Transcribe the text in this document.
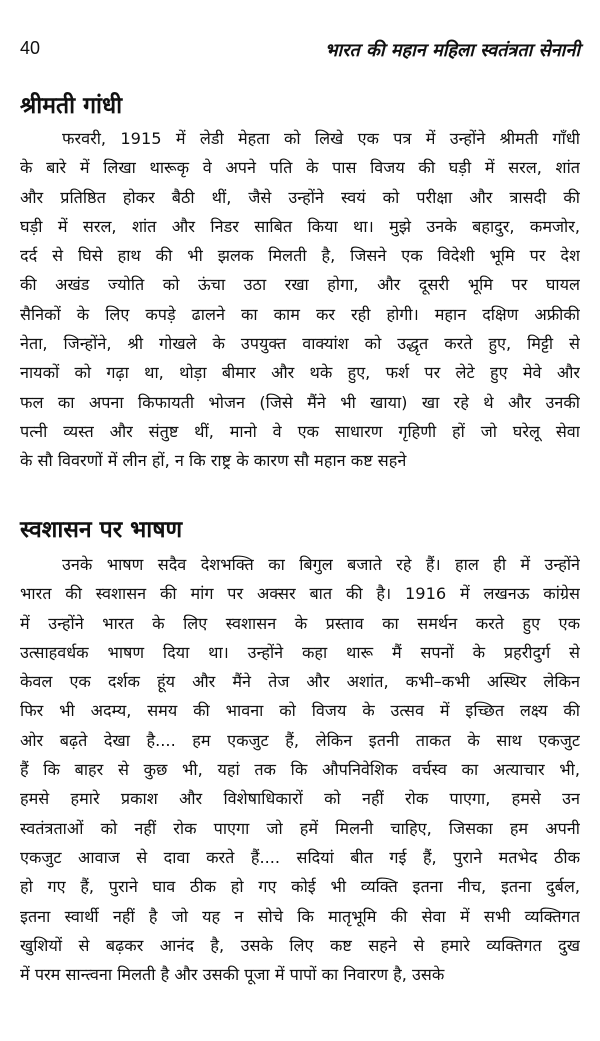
40	भारत की महान महिला स्वतंत्रता सेनानी
श्रीमती गांधी
फरवरी, 1915 में लेडी मेहता को लिखे एक पत्र में उन्होंने श्रीमती गाँधी
के बारे में लिखा थारूकृ वे अपने पति के पास विजय की घड़ी में सरल, शांत
और प्रतिष्ठित होकर बैठी थीं, जैसे उन्होंने स्वयं को परीक्षा और त्रासदी की
घड़ी में सरल, शांत और निडर साबित किया था। मुझे उनके बहादुर, कमजोर,
दर्द से घिसे हाथ की भी झलक मिलती है, जिसने एक विदेशी भूमि पर देश
की अखंड ज्योति को ऊंचा उठा रखा होगा, और दूसरी भूमि पर घायल
सैनिकों के लिए कपड़े ढालने का काम कर रही होगी। महान दक्षिण अफ्रीकी
नेता, जिन्होंने, श्री गोखले के उपयुक्त वाक्यांश को उद्धृत करते हुए, मिट्टी से
नायकों को गढ़ा था, थोड़ा बीमार और थके हुए, फर्श पर लेटे हुए मेवे और
फल का अपना किफायती भोजन (जिसे मैंने भी खाया) खा रहे थे और उनकी
पत्नी व्यस्त और संतुष्ट थीं, मानो वे एक साधारण गृहिणी हों जो घरेलू सेवा
के सौ विवरणों में लीन हों, न कि राष्ट्र के कारण सौ महान कष्ट सहने
स्वशासन पर भाषण
उनके भाषण सदैव देशभक्ति का बिगुल बजाते रहे हैं। हाल ही में उन्होंने
भारत की स्वशासन की मांग पर अक्सर बात की है। 1916 में लखनऊ कांग्रेस
में उन्होंने भारत के लिए स्वशासन के प्रस्ताव का समर्थन करते हुए एक
उत्साहवर्धक भाषण दिया था। उन्होंने कहा थारू मैं सपनों के प्रहरीदुर्ग से
केवल एक दर्शक हूंय और मैंने तेज और अशांत, कभी–कभी अस्थिर लेकिन
फिर भी अदम्य, समय की भावना को विजय के उत्सव में इच्छित लक्ष्य की
ओर बढ़ते देखा है.... हम एकजुट हैं, लेकिन इतनी ताकत के साथ एकजुट
हैं कि बाहर से कुछ भी, यहां तक कि औपनिवेशिक वर्चस्व का अत्याचार भी,
हमसे हमारे प्रकाश और विशेषाधिकारों को नहीं रोक पाएगा, हमसे उन
स्वतंत्रताओं को नहीं रोक पाएगा जो हमें मिलनी चाहिए, जिसका हम अपनी
एकजुट आवाज से दावा करते हैं.... सदियां बीत गई हैं, पुराने मतभेद ठीक
हो गए हैं, पुराने घाव ठीक हो गए कोई भी व्यक्ति इतना नीच, इतना दुर्बल,
इतना स्वार्थी नहीं है जो यह न सोचे कि मातृभूमि की सेवा में सभी व्यक्तिगत
खुशियों से बढ़कर आनंद है, उसके लिए कष्ट सहने से हमारे व्यक्तिगत दुख
में परम सान्त्वना मिलती है और उसकी पूजा में पापों का निवारण है, उसके
